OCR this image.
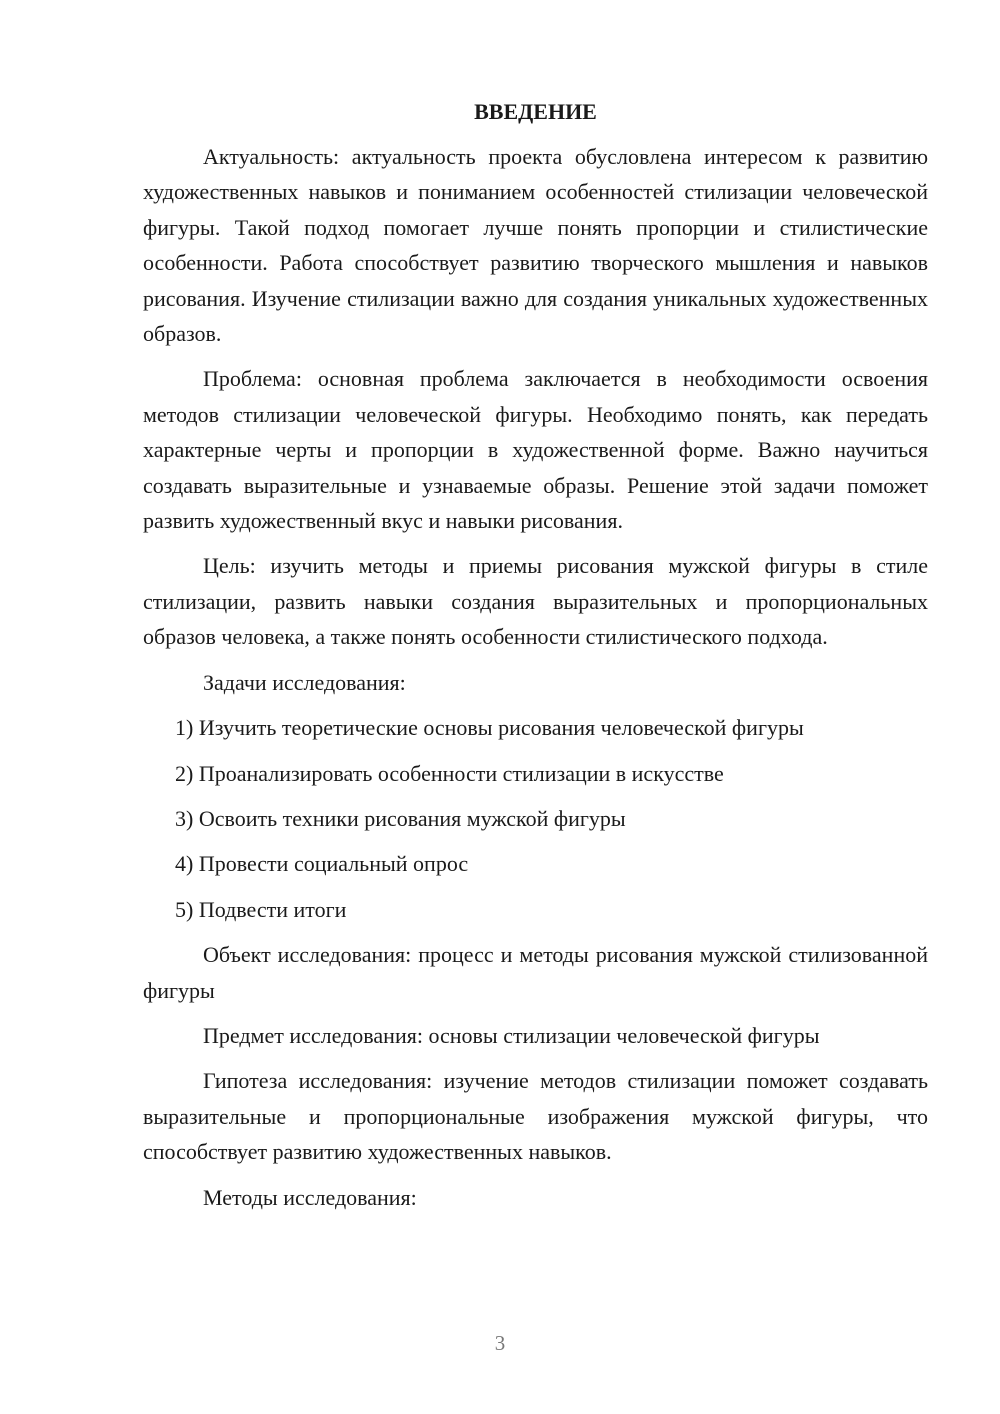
ВВЕДЕНИЕ

Актуальность: актуальность проекта обусловлена интересом к развитию художественных навыков и пониманием особенностей стилизации человеческой фигуры. Такой подход помогает лучше понять пропорции и стилистические особенности. Работа способствует развитию творческого мышления и навыков рисования. Изучение стилизации важно для создания уникальных художественных образов.

Проблема: основная проблема заключается в необходимости освоения методов стилизации человеческой фигуры. Необходимо понять, как передать характерные черты и пропорции в художественной форме. Важно научиться создавать выразительные и узнаваемые образы. Решение этой задачи поможет развить художественный вкус и навыки рисования.

Цель: изучить методы и приемы рисования мужской фигуры в стиле стилизации, развить навыки создания выразительных и пропорциональных образов человека, а также понять особенности стилистического подхода.

Задачи исследования:

1) Изучить теоретические основы рисования человеческой фигуры
2) Проанализировать особенности стилизации в искусстве
3) Освоить техники рисования мужской фигуры
4) Провести социальный опрос
5) Подвести итоги

Объект исследования: процесс и методы рисования мужской стилизованной фигуры

Предмет исследования: основы стилизации человеческой фигуры

Гипотеза исследования: изучение методов стилизации поможет создавать выразительные и пропорциональные изображения мужской фигуры, что способствует развитию художественных навыков.

Методы исследования:

3
